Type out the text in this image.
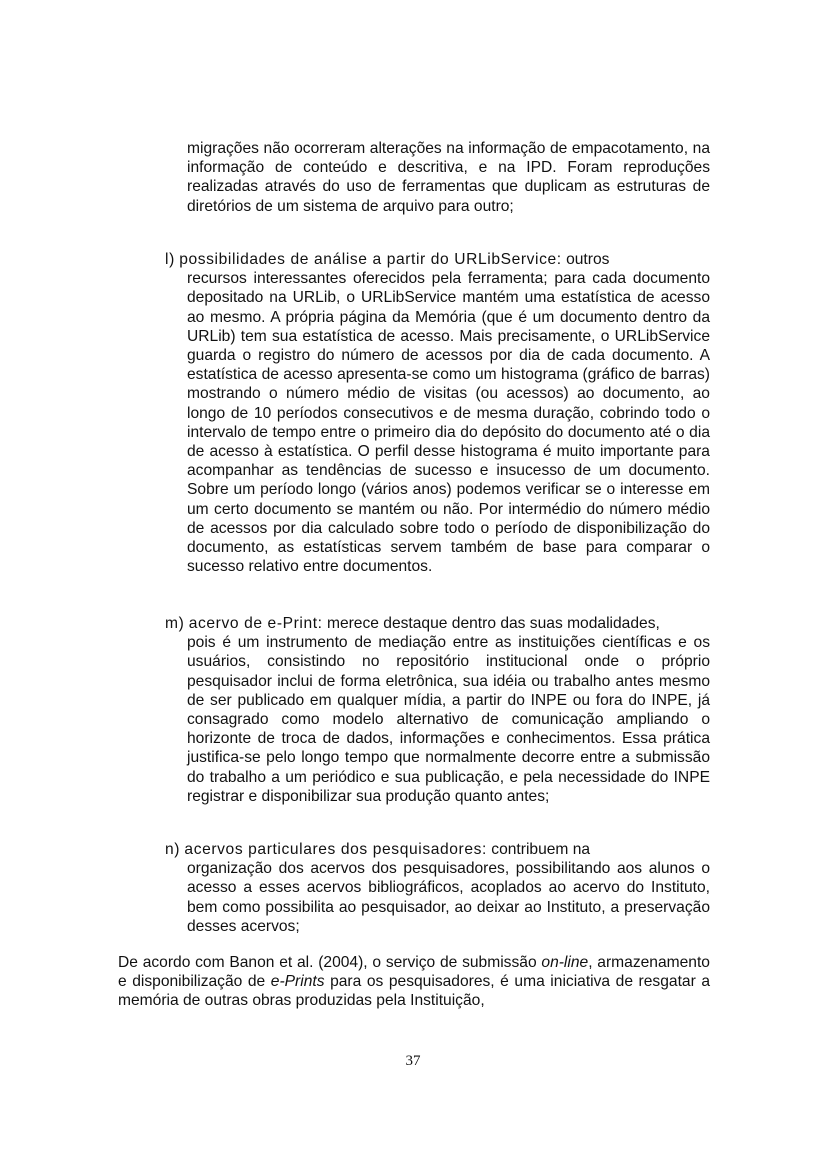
migrações não ocorreram alterações na informação de empacotamento, na informação de conteúdo e descritiva, e na IPD. Foram reproduções realizadas através do uso de ferramentas que duplicam as estruturas de diretórios de um sistema de arquivo para outro;
l) possibilidades de análise a partir do URLibService: outros
recursos interessantes oferecidos pela ferramenta; para cada documento depositado na URLib, o URLibService mantém uma estatística de acesso ao mesmo. A própria página da Memória (que é um documento dentro da URLib) tem sua estatística de acesso. Mais precisamente, o URLibService guarda o registro do número de acessos por dia de cada documento. A estatística de acesso apresenta-se como um histograma (gráfico de barras) mostrando o número médio de visitas (ou acessos) ao documento, ao longo de 10 períodos consecutivos e de mesma duração, cobrindo todo o intervalo de tempo entre o primeiro dia do depósito do documento até o dia de acesso à estatística. O perfil desse histograma é muito importante para acompanhar as tendências de sucesso e insucesso de um documento. Sobre um período longo (vários anos) podemos verificar se o interesse em um certo documento se mantém ou não. Por intermédio do número médio de acessos por dia calculado sobre todo o período de disponibilização do documento, as estatísticas servem também de base para comparar o sucesso relativo entre documentos.
m) acervo de e-Print: merece destaque dentro das suas modalidades,
pois é um instrumento de mediação entre as instituições científicas e os usuários, consistindo no repositório institucional onde o próprio pesquisador inclui de forma eletrônica, sua idéia ou trabalho antes mesmo de ser publicado em qualquer mídia, a partir do INPE ou fora do INPE, já consagrado como modelo alternativo de comunicação ampliando o horizonte de troca de dados, informações e conhecimentos. Essa prática justifica-se pelo longo tempo que normalmente decorre entre a submissão do trabalho a um periódico e sua publicação, e pela necessidade do INPE registrar e disponibilizar sua produção quanto antes;
n) acervos particulares dos pesquisadores: contribuem na
organização dos acervos dos pesquisadores, possibilitando aos alunos o acesso a esses acervos bibliográficos, acoplados ao acervo do Instituto, bem como possibilita ao pesquisador, ao deixar ao Instituto, a preservação desses acervos;
De acordo com Banon et al. (2004), o serviço de submissão on-line, armazenamento e disponibilização de e-Prints para os pesquisadores, é uma iniciativa de resgatar a memória de outras obras produzidas pela Instituição,
37
